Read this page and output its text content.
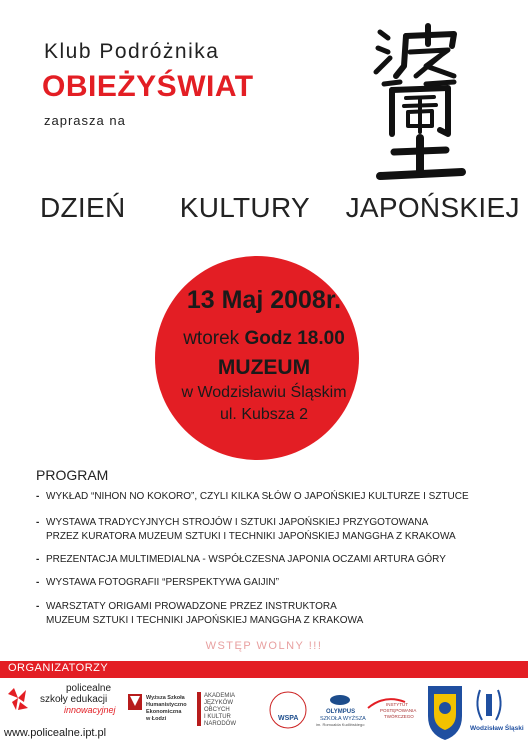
Klub Podróżnika
OBIEŻYŚWIAT
zaprasza na
DZIEŃ   KULTURY  JAPOŃSKIEJ
13 Maj 2008r.
wtorek Godz 18.00
MUZEUM
w Wodzisławiu Śląskim
ul. Kubsza 2
PROGRAM
- WYKŁAD “NIHON NO KOKORO”, CZYLI KILKA SŁÓW O JAPOŃSKIEJ KULTURZE I SZTUCE
- WYSTAWA TRADYCYJNYCH STROJÓW I SZTUKI JAPOŃSKIEJ PRZYGOTOWANA
PRZEZ KURATORA MUZEUM SZTUKI I TECHNIKI JAPOŃSKIEJ MANGGHA Z KRAKOWA
- PREZENTACJA MULTIMEDIALNA - WSPÓŁCZESNA JAPONIA OCZAMI ARTURA GÓRY
- WYSTAWA FOTOGRAFII “PERSPEKTYWA GAIJIN”
- WARSZTATY ORIGAMI PROWADZONE PRZEZ INSTRUKTORA
MUZEUM SZTUKI I TECHNIKI JAPOŃSKIEJ MANGGHA Z KRAKOWA
WSTĘP WOLNY !!!
ORGANIZATORZY
policealne
szkoły edukacji
innowacyjnej
Wyższa Szkoła
Humanistyczno
Ekonomiczna
w Łodzi
AKADEMIA
JĘZYKÓW
OBCYCH
I KULTUR
NARODÓW
WSPA
OLYMPUS
SZKOŁA WYŻSZA
im. Romualda Kudlińskiego
INSTYTUT
POSTĘPOWANIA
TWÓRCZEGO
Wodzisław Śląski
www.policealne.ipt.pl
